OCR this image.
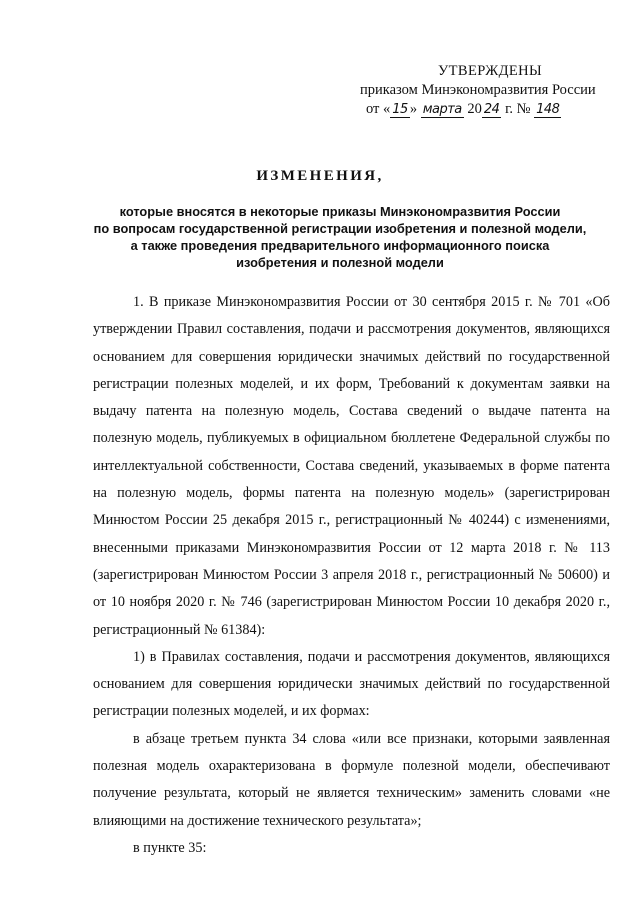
УТВЕРЖДЕНЫ
приказом Минэкономразвития России
от « 15 » марта 20 24 г. № 148
ИЗМЕНЕНИЯ,
которые вносятся в некоторые приказы Минэкономразвития России
по вопросам государственной регистрации изобретения и полезной модели,
а также проведения предварительного информационного поиска
изобретения и полезной модели

1. В приказе Минэкономразвития России от 30 сентября 2015 г. № 701 «Об утверждении Правил составления, подачи и рассмотрения документов, являющихся основанием для совершения юридически значимых действий по государственной регистрации полезных моделей, и их форм, Требований к документам заявки на выдачу патента на полезную модель, Состава сведений о выдаче патента на полезную модель, публикуемых в официальном бюллетене Федеральной службы по интеллектуальной собственности, Состава сведений, указываемых в форме патента на полезную модель, формы патента на полезную модель» (зарегистрирован Минюстом России 25 декабря 2015 г., регистрационный № 40244) с изменениями, внесенными приказами Минэкономразвития России от 12 марта 2018 г. № 113 (зарегистрирован Минюстом России 3 апреля 2018 г., регистрационный № 50600) и от 10 ноября 2020 г. № 746 (зарегистрирован Минюстом России 10 декабря 2020 г., регистрационный № 61384):

1) в Правилах составления, подачи и рассмотрения документов, являющихся основанием для совершения юридически значимых действий по государственной регистрации полезных моделей, и их формах:

в абзаце третьем пункта 34 слова «или все признаки, которыми заявленная полезная модель охарактеризована в формуле полезной модели, обеспечивают получение результата, который не является техническим» заменить словами «не влияющими на достижение технического результата»;

в пункте 35:
